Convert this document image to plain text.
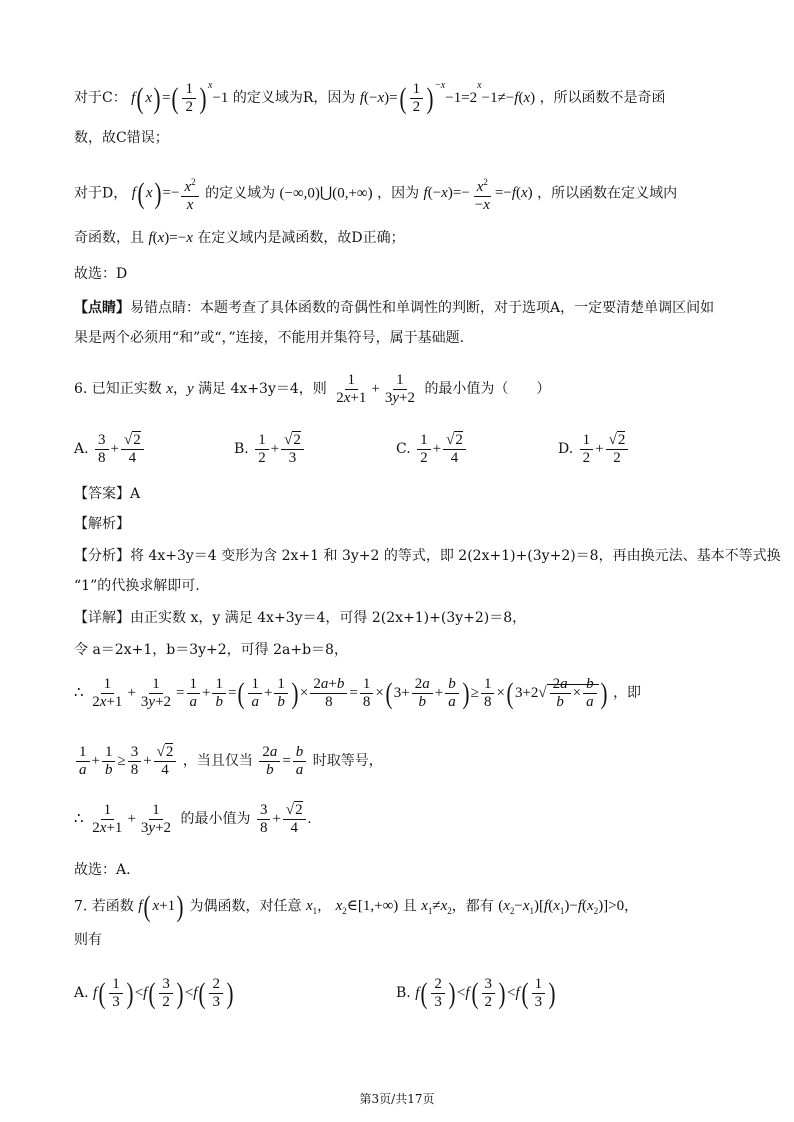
对于C： f( x) =( $\frac{1}{2}$ ) $^x$−1 的定义域为R，因为 $f(-x)=( \frac{1}{2}$ ) $^{-x}-1=2^x-1\ne-f(x)$ ，所以函数不是奇函
数，故C错误；
对于D， f( $x) =- \frac{x^2}{x}$ 的定义域为 (−∞,0)⋃(0,+∞) ，因为 $f(-x)=- \frac{x^2}{-x} =-f(x)$ ，所以函数在定义域内
奇函数，且 f(x)=−x 在定义域内是减函数，故D正确；
故选：D
【点睛】易错点睛：本题考查了具体函数的奇偶性和单调性的判断，对于选项A，一定要清楚单调区间如
果是两个必须用“和”或“，”连接，不能用并集符号，属于基础题.
6. 已知正实数 x，y 满足 4x+3y＝4，则 $\frac{1}{2x+1} + \frac{1}{3y+2}$ 的最小值为（　　）
A. $\frac{3}{8} + \frac{√2}{4}$	B. $\frac{1}{2} + \frac{√2}{3}$	C. $\frac{1}{2} + \frac{√2}{4}$	D. $\frac{1}{2} + \frac{√2}{2}$
【答案】A
【解析】
【分析】将 4x+3y＝4 变形为含 2x+1 和 3y+2 的等式，即 2(2x+1)+(3y+2)＝8，再由换元法、基本不等式换
“1”的代换求解即可.
【详解】由正实数 x，y 满足 4x+3y＝4，可得 2(2x+1)+(3y+2)＝8，
令 a＝2x+1，b＝3y+2，可得 2a+b＝8，
∴ $\frac{1}{2x+1} + \frac{1}{3y+2} = \frac{1}{a} + \frac{1}{b}$ =( $\frac{1}{a} + \frac{1}{b}$ ) × $\frac{2a+b}{8} = \frac{1}{8}$ ×( $3+ \frac{2a}{b} + \frac{b}{a}$ ) ≥ $\frac{1}{8}$ ×( $3+2√ \frac{2a}{b} \times \frac{b}{a}$ ) ，即
$\frac{1}{a} + \frac{1}{b} \ge \frac{3}{8} + \frac{√2}{4}$ ，当且仅当 $\frac{2a}{b} = \frac{b}{a}$ 时取等号，
∴ $\frac{1}{2x+1} + \frac{1}{3y+2}$ 的最小值为 $\frac{3}{8} + \frac{√2}{4}$ .
故选：A.
7. 若函数 f( x+1) 为偶函数，对任意 $x_1$， $x_2\in[1,+\infty)$ 且 $x_1\ne x_2$，都有 $(x_2-x_1)[f(x_1)-f(x_2)]>0$，
则有
A. $f( \frac{1}{3}$ ) $<f( \frac{3}{2}$ ) $<f( \frac{2}{3}$ )	B. $f( \frac{2}{3}$ ) $<f( \frac{3}{2}$ ) $<f( \frac{1}{3}$ )
第3页/共17页
